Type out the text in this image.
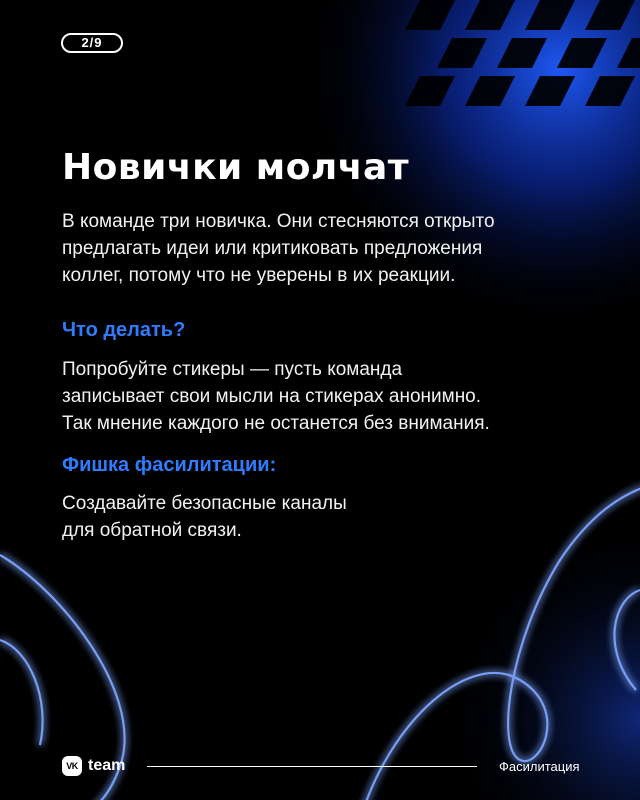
2/9
Новички молчат

В команде три новичка. Они стесняются открыто
предлагать идеи или критиковать предложения
коллег, потому что не уверены в их реакции.

Что делать?

Попробуйте стикеры — пусть команда
записывает свои мысли на стикерах анонимно.
Так мнение каждого не останется без внимания.

Фишка фасилитации:

Создавайте безопасные каналы
для обратной связи.

VK team	Фасилитация
